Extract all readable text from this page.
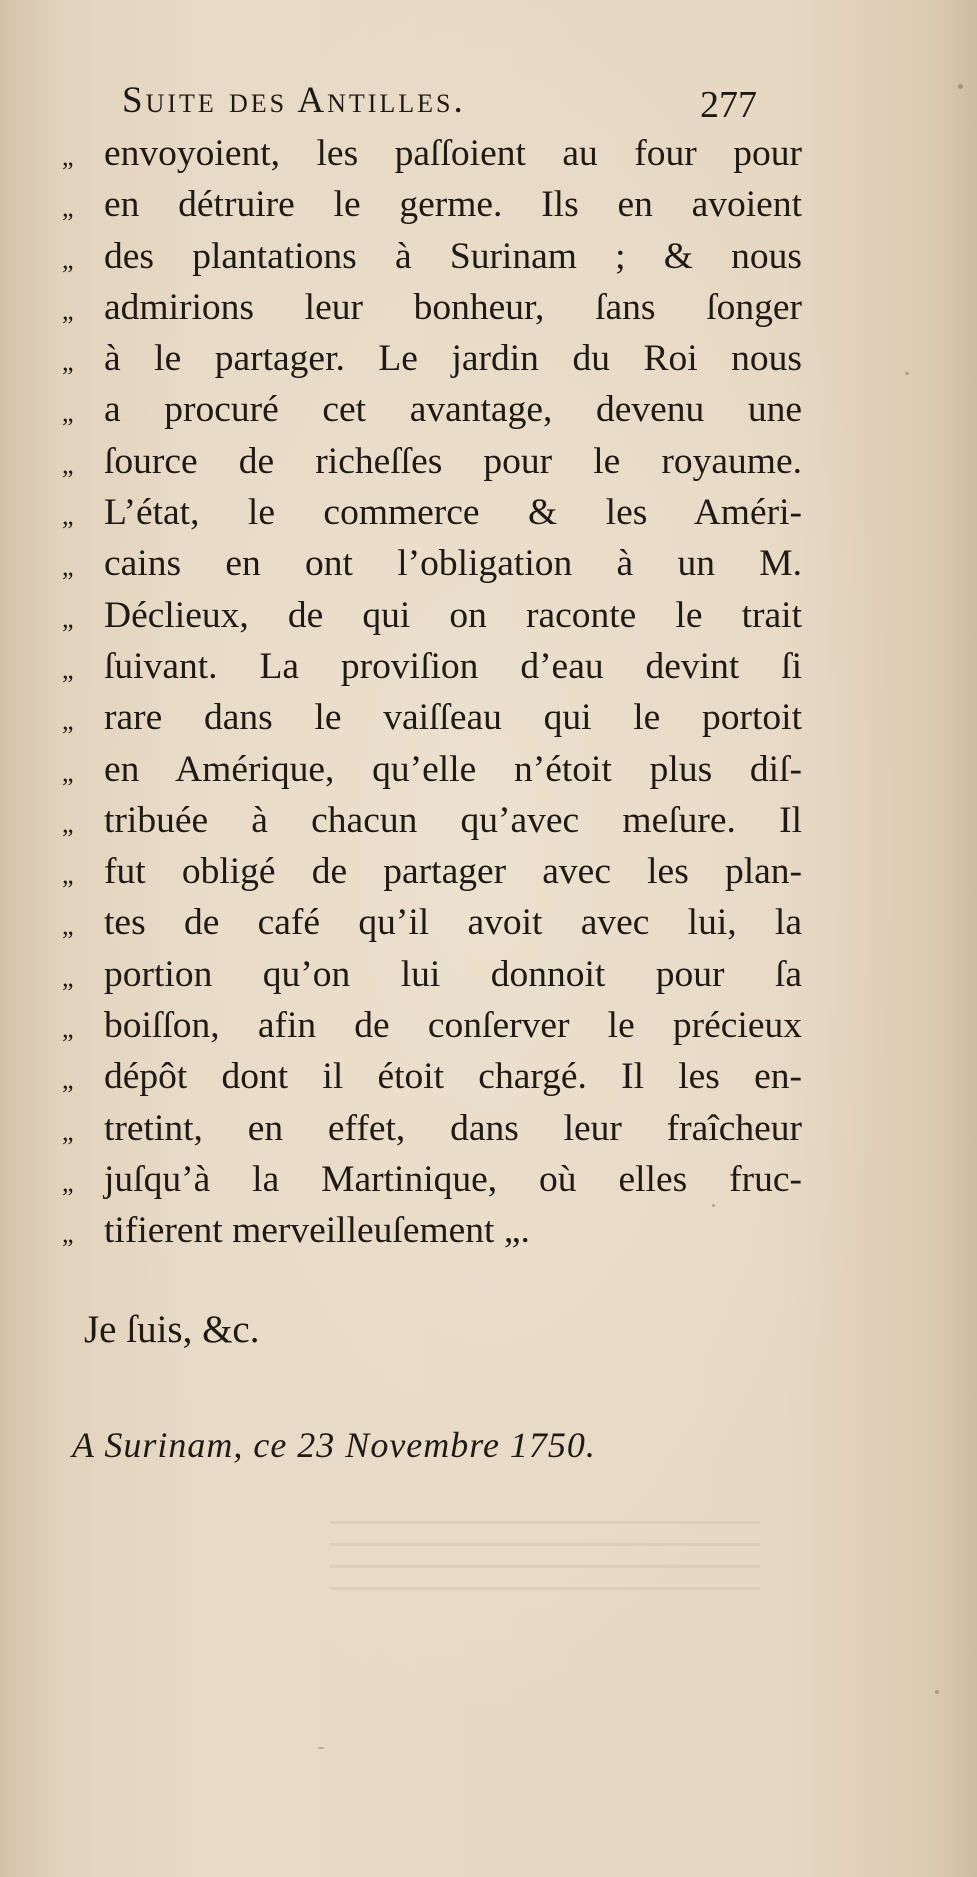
Suite des Antilles.	277
„ envoyoient, les paſſoient au four pour
„ en détruire le germe. Ils en avoient
„ des plantations à Surinam ; & nous
„ admirions leur bonheur, ſans ſonger
„ à le partager. Le jardin du Roi nous
„ a procuré cet avantage, devenu une
„ ſource de richeſſes pour le royaume.
„ L’état, le commerce & les Améri-
„ cains en ont l’obligation à un M.
„ Déclieux, de qui on raconte le trait
„ ſuivant. La proviſion d’eau devint ſi
„ rare dans le vaiſſeau qui le portoit
„ en Amérique, qu’elle n’étoit plus diſ-
„ tribuée à chacun qu’avec meſure. Il
„ fut obligé de partager avec les plan-
„ tes de café qu’il avoit avec lui, la
„ portion qu’on lui donnoit pour ſa
„ boiſſon, afin de conſerver le précieux
„ dépôt dont il étoit chargé. Il les en-
„ tretint, en effet, dans leur fraîcheur
„ juſqu’à la Martinique, où elles fruc-
„ tifierent merveilleuſement „.
Je ſuis, &c.
A Surinam, ce 23 Novembre 1750.
